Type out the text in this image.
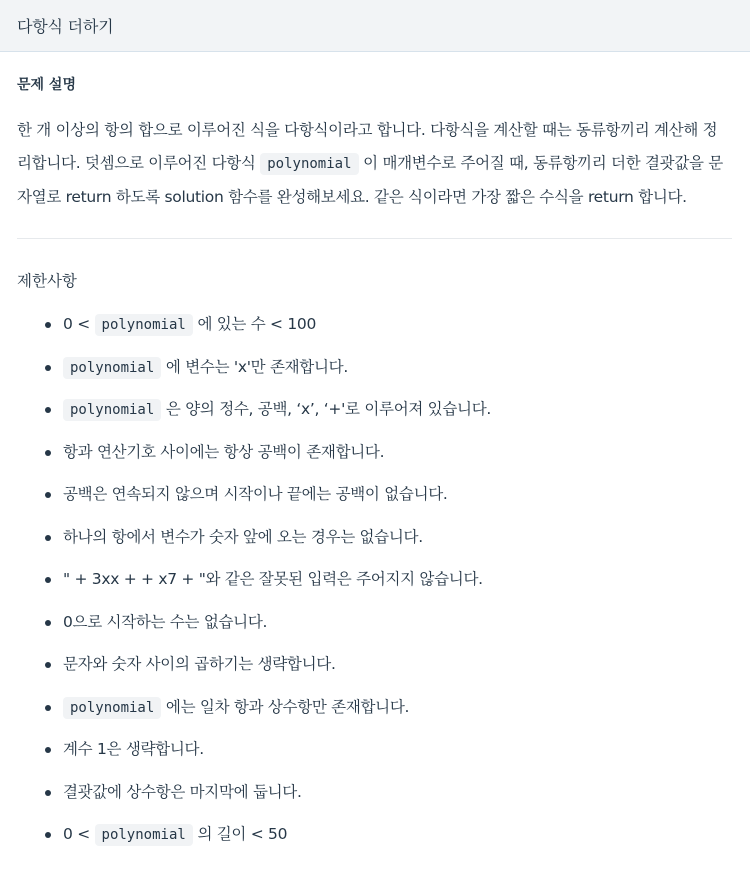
다항식 더하기
문제 설명
한 개 이상의 항의 합으로 이루어진 식을 다항식이라고 합니다. 다항식을 계산할 때는 동류항끼리 계산해 정리합니다. 덧셈으로 이루어진 다항식 polynomial 이 매개변수로 주어질 때, 동류항끼리 더한 결괏값을 문자열로 return 하도록 solution 함수를 완성해보세요. 같은 식이라면 가장 짧은 수식을 return 합니다.
제한사항
0 < polynomial 에 있는 수 < 100
polynomial 에 변수는 'x'만 존재합니다.
polynomial 은 양의 정수, 공백, ‘x’, ‘+'로 이루어져 있습니다.
항과 연산기호 사이에는 항상 공백이 존재합니다.
공백은 연속되지 않으며 시작이나 끝에는 공백이 없습니다.
하나의 항에서 변수가 숫자 앞에 오는 경우는 없습니다.
" + 3xx + + x7 + "와 같은 잘못된 입력은 주어지지 않습니다.
0으로 시작하는 수는 없습니다.
문자와 숫자 사이의 곱하기는 생략합니다.
polynomial 에는 일차 항과 상수항만 존재합니다.
계수 1은 생략합니다.
결괏값에 상수항은 마지막에 둡니다.
0 < polynomial 의 길이 < 50
